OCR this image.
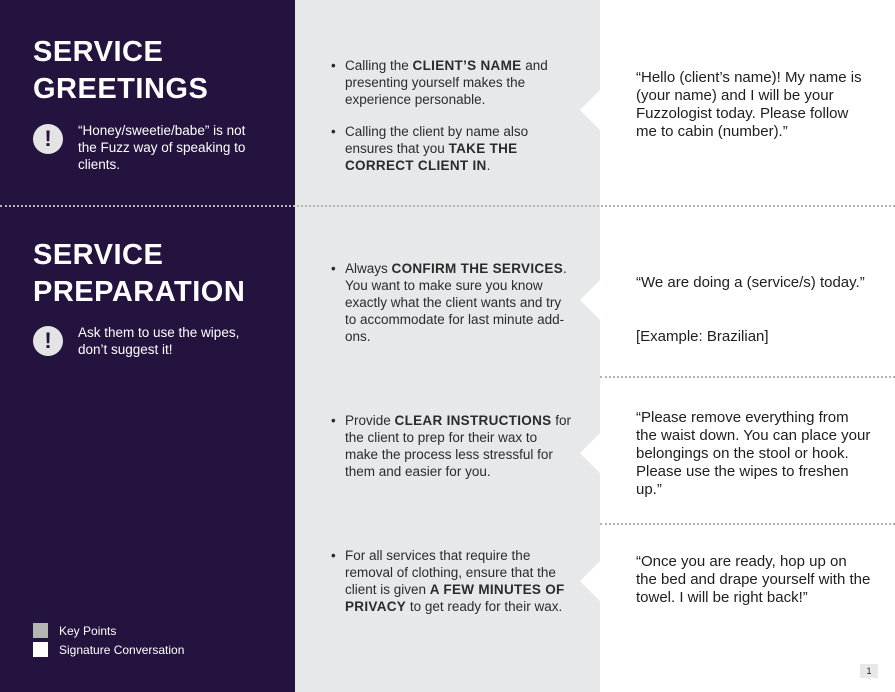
SERVICE
GREETINGS
!	“Honey/sweetie/babe” is not the Fuzz way of speaking to clients.

• Calling the CLIENT’S NAME and presenting yourself makes the experience personable.

• Calling the client by name also ensures that you TAKE THE CORRECT CLIENT IN.

“Hello (client’s name)! My name is (your name) and I will be your Fuzzologist today. Please follow me to cabin (number).”

SERVICE
PREPARATION
!	Ask them to use the wipes, don’t suggest it!

• Always CONFIRM THE SERVICES. You want to make sure you know exactly what the client wants and try to accommodate for last minute add-ons.

• Provide CLEAR INSTRUCTIONS for the client to prep for their wax to make the process less stressful for them and easier for you.

• For all services that require the removal of clothing, ensure that the client is given A FEW MINUTES OF PRIVACY to get ready for their wax.

“We are doing a (service/s) today.”

[Example: Brazilian]

“Please remove everything from the waist down. You can place your belongings on the stool or hook. Please use the wipes to freshen up.”

“Once you are ready, hop up on the bed and drape yourself with the towel. I will be right back!”

Key Points
Signature Conversation
1
